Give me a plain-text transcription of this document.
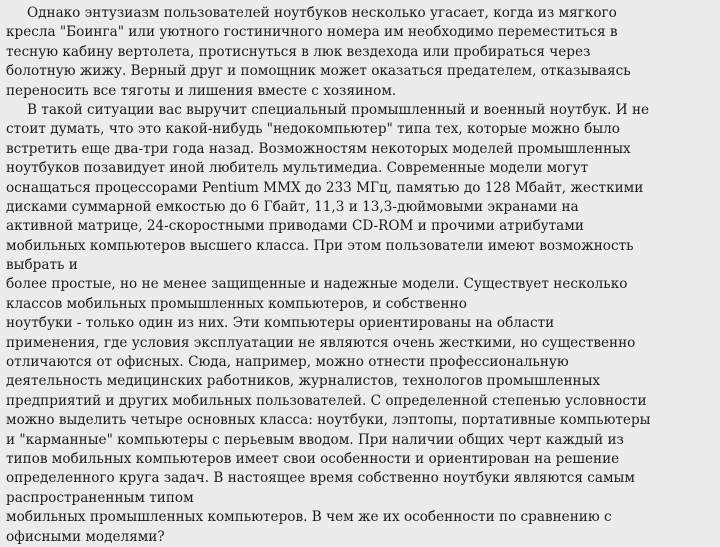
Однако энтузиазм пользователей ноутбуков несколько угасает, когда из мягкого
кресла "Боинга" или уютного гостиничного номера им необходимо переместиться в
тесную кабину вертолета, протиснуться в люк вездехода или пробираться через
болотную жижу. Верный друг и помощник может оказаться предателем, отказываясь
переносить все тяготы и лишения вместе с хозяином.
В такой ситуации вас выручит специальный промышленный и военный ноутбук. И не
стоит думать, что это какой-нибудь "недокомпьютер" типа тех, которые можно было
встретить еще два-три года назад. Возможностям некоторых моделей промышленных
ноутбуков позавидует иной любитель мультимедиа. Современные модели могут
оснащаться процессорами Pentium MMX до 233 МГц, памятью до 128 Мбайт, жесткими
дисками суммарной емкостью до 6 Гбайт, 11,3 и 13,3-дюймовыми экранами на
активной матрице, 24-скоростными приводами CD-ROM и прочими атрибутами
мобильных компьютеров высшего класса. При этом пользователи имеют возможность
выбрать и
более простые, но не менее защищенные и надежные модели. Существует несколько
классов мобильных промышленных компьютеров, и собственно
ноутбуки - только один из них. Эти компьютеры ориентированы на области
применения, где условия эксплуатации не являются очень жесткими, но существенно
отличаются от офисных. Сюда, например, можно отнести профессиональную
деятельность медицинских работников, журналистов, технологов промышленных
предприятий и других мобильных пользователей. С определенной степенью условности
можно выделить четыре основных класса: ноутбуки, лэптопы, портативные компьютеры
и "карманные" компьютеры с перьевым вводом. При наличии общих черт каждый из
типов мобильных компьютеров имеет свои особенности и ориентирован на решение
определенного круга задач. В настоящее время собственно ноутбуки являются самым
распространенным типом
мобильных промышленных компьютеров. В чем же их особенности по сравнению с
офисными моделями?
